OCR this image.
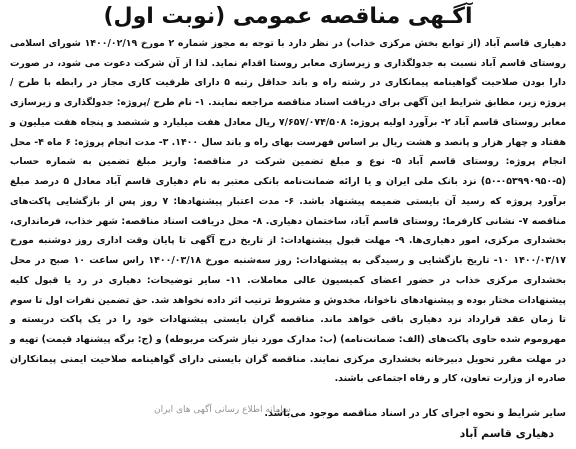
آگـهی مناقصه عمومی (نوبت اول)
دهیاری قاسم آباد (از توابع بخش مرکزی خذاب) در نظر دارد با توجه به مجوز شماره ۲ مورخ ۱۴۰۰/۰۲/۱۹ شورای اسلامی روستای قاسم آباد نسبت به جدولگذاری و زیرسازی معابر روستا اقدام نماید. لذا از آن شرکت دعوت می شود، در صورت دارا بودن صلاحیت گواهینامه پیمانکاری در رشته راه و باند حداقل رتبه ۵ دارای ظرفیت کاری مجاز در رابطه با طرح / پروژه زیر، مطابق شرایط این آگهی برای دریافت اسناد مناقصه مراجعه نمایند. ۱- نام طرح /پروژه: جدولگذاری و زیرسازی معابر روستای قاسم آباد ۲- برآورد اولیه پروژه: ۷/۶۵۷/۰۷۴/۵۰۸ ریال معادل هفت میلیارد و ششصد و پنجاه هفت میلیون و هفتاد و چهار هزار و پانصد و هشت ریال بر اساس فهرست بهای راه و باند سال ۱۴۰۰. ۳- مدت انجام پروژه: ۶ ماه ۴- محل انجام پروژه: روستای قاسم آباد ۵- نوع و مبلغ تضمین شرکت در مناقصه: واریز مبلغ تضمین به شماره حساب (۵-۰۵۳۹۹۰۹۵۰-۵۰) نزد بانک ملی ایران و یا ارائه ضمانت‌نامه بانکی معتبر به نام دهیاری قاسم آباد معادل ۵ درصد مبلغ برآورد پروژه که رسید آن بایستی ضمیمه پیشنهاد باشد. ۶- مدت اعتبار پیشنهادها: ۷ روز پس از بازگشایی پاکت‌های مناقصه ۷- نشانی کارفرما: روستای قاسم آباد، ساختمان دهیاری. ۸- محل دریافت اسناد مناقصه: شهر خذاب، فرمانداری، بخشداری مرکزی، امور دهیاری‌ها. ۹- مهلت قبول پیشنهادات: از تاریخ درج آگهی تا پایان وقت اداری روز دوشنبه مورخ ۱۴۰۰/۰۳/۱۷ ۱۰- تاریخ بازگشایی و رسیدگی به پیشنهادات: روز سه‌شنبه مورخ ۱۴۰۰/۰۳/۱۸ راس ساعت ۱۰ صبح در محل بخشداری مرکزی خذاب در حضور اعضای کمیسیون عالی معاملات. ۱۱- سایر توضیحات: دهیاری در رد یا قبول کلیه پیشنهادات مختار بوده و پیشنهادهای ناخوانا، مخدوش و مشروط ترتیب اثر داده نخواهد شد. حق تضمین نفرات اول تا سوم تا زمان عقد قرارداد نزد دهیاری باقی خواهد ماند. مناقصه گران بایستی پیشنهادات خود را در یک پاکت دربسته و مهروموم شده حاوی پاکت‌های (الف: ضمانت‌نامه) (ب: مدارک مورد نیاز شرکت مربوطه) و (ج: برگه پیشنهاد قیمت) تهیه و در مهلت مقرر تحویل دبیرخانه بخشداری مرکزی نمایند. مناقصه گران بایستی دارای گواهینامه صلاحیت ایمنی پیمانکاران صادره از وزارت تعاون، کار و رفاه اجتماعی باشند.
سامانه اطلاع رسانی آگهی های ایران
سایر شرایط و نحوه اجرای کار در اسناد مناقصه موجود می‌باشد.
دهیاری قاسم آباد
